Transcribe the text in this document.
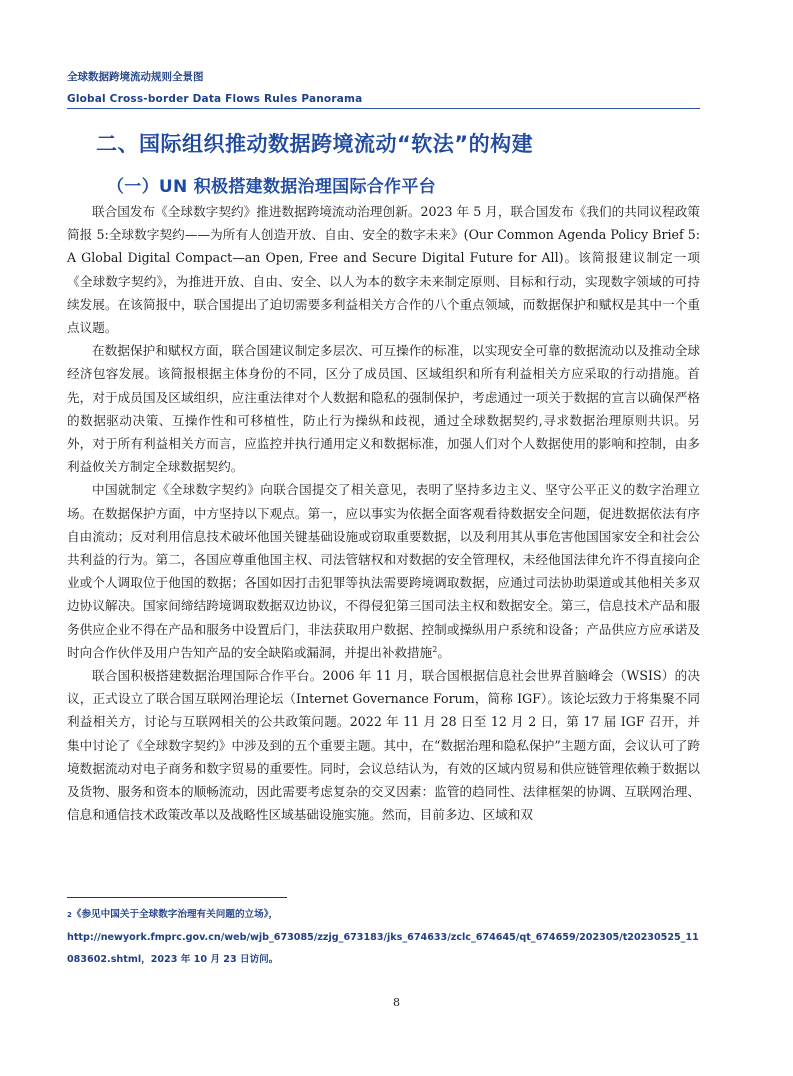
全球数据跨境流动规则全景图
Global Cross-border Data Flows Rules Panorama
二、国际组织推动数据跨境流动“软法”的构建
（一）UN 积极搭建数据治理国际合作平台

联合国发布《全球数字契约》推进数据跨境流动治理创新。2023 年 5 月，联合国发布《我们的共同议程政策简报 5:全球数字契约——为所有人创造开放、自由、安全的数字未来》(Our Common Agenda Policy Brief 5: A Global Digital Compact—an Open, Free and Secure Digital Future for All)。该简报建议制定一项《全球数字契约》，为推进开放、自由、安全、以人为本的数字未来制定原则、目标和行动，实现数字领域的可持续发展。在该简报中，联合国提出了迫切需要多利益相关方合作的八个重点领域，而数据保护和赋权是其中一个重点议题。

在数据保护和赋权方面，联合国建议制定多层次、可互操作的标准，以实现安全可靠的数据流动以及推动全球经济包容发展。该简报根据主体身份的不同，区分了成员国、区域组织和所有利益相关方应采取的行动措施。首先，对于成员国及区域组织，应注重法律对个人数据和隐私的强制保护，考虑通过一项关于数据的宣言以确保严格的数据驱动决策、互操作性和可移植性，防止行为操纵和歧视，通过全球数据契约,寻求数据治理原则共识。另外，对于所有利益相关方而言，应监控并执行通用定义和数据标准，加强人们对个人数据使用的影响和控制，由多利益攸关方制定全球数据契约。

中国就制定《全球数字契约》向联合国提交了相关意见，表明了坚持多边主义、坚守公平正义的数字治理立场。在数据保护方面，中方坚持以下观点。第一，应以事实为依据全面客观看待数据安全问题，促进数据依法有序自由流动；反对利用信息技术破坏他国关键基础设施或窃取重要数据，以及利用其从事危害他国国家安全和社会公共利益的行为。第二，各国应尊重他国主权、司法管辖权和对数据的安全管理权，未经他国法律允许不得直接向企业或个人调取位于他国的数据；各国如因打击犯罪等执法需要跨境调取数据，应通过司法协助渠道或其他相关多双边协议解决。国家间缔结跨境调取数据双边协议，不得侵犯第三国司法主权和数据安全。第三，信息技术产品和服务供应企业不得在产品和服务中设置后门，非法获取用户数据、控制或操纵用户系统和设备；产品供应方应承诺及时向合作伙伴及用户告知产品的安全缺陷或漏洞，并提出补救措施$^2$。

联合国积极搭建数据治理国际合作平台。2006 年 11 月，联合国根据信息社会世界首脑峰会（WSIS）的决议，正式设立了联合国互联网治理论坛（Internet Governance Forum，简称 IGF）。该论坛致力于将集聚不同利益相关方，讨论与互联网相关的公共政策问题。2022 年 11 月 28 日至 12 月 2 日，第 17 届 IGF 召开，并集中讨论了《全球数字契约》中涉及到的五个重要主题。其中，在“数据治理和隐私保护”主题方面，会议认可了跨境数据流动对电子商务和数字贸易的重要性。同时，会议总结认为，有效的区域内贸易和供应链管理依赖于数据以及货物、服务和资本的顺畅流动，因此需要考虑复杂的交叉因素：监管的趋同性、法律框架的协调、互联网治理、信息和通信技术政策改革以及战略性区域基础设施实施。然而，目前多边、区域和双

$^2$《参见中国关于全球数字治理有关问题的立场》，
http://newyork.fmprc.gov.cn/web/wjb_673085/zzjg_673183/jks_674633/zclc_674645/qt_674659/202305/t20230525_11083602.shtml，2023 年 10 月 23 日访问。
8
